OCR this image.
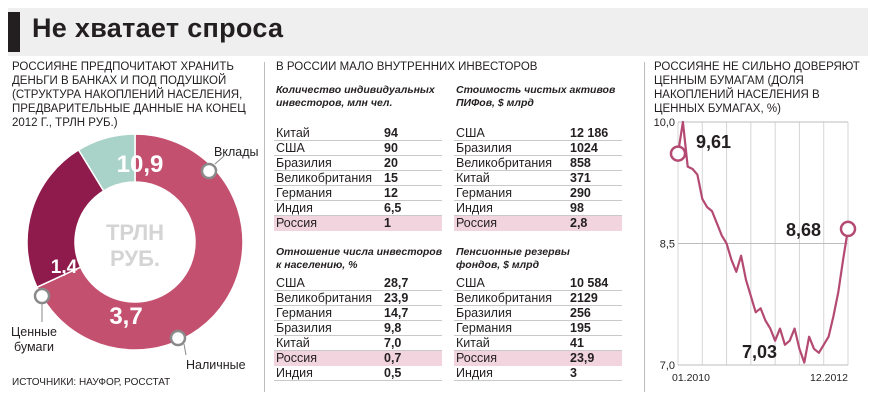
Не хватает спроса
РОССИЯНЕ ПРЕДПОЧИТАЮТ ХРАНИТЬ ДЕНЬГИ В БАНКАХ И ПОД ПОДУШКОЙ (СТРУКТУРА НАКОПЛЕНИЙ НАСЕЛЕНИЯ, ПРЕДВАРИТЕЛЬНЫЕ ДАННЫЕ НА КОНЕЦ 2012 Г., ТРЛН РУБ.)
10,9
3,7
1,4
ТРЛН
РУБ.
Вклады
Наличные
Ценные
бумаги
ИСТОЧНИКИ: НАУФОР, РОССТАТ
В РОССИИ МАЛО ВНУТРЕННИХ ИНВЕСТОРОВ
Количество индивидуальных
инвесторов, млн чел.
Стоимость чистых активов
ПИФов, $ млрд
Отношение числа инвесторов
к населению, %
Пенсионные резервы
фондов, $ млрд
Китай	94
США	90
Бразилия	20
Великобритания 15
Германия	12
Индия	6,5
Россия	1
США	12 186
Бразилия	1024
Великобритания 858
Китай	371
Германия	290
Индия	98
Россия	2,8
США	28,7
Великобритания 23,9
Германия	14,7
Бразилия	9,8
Китай	7,0
Россия	0,7
Индия	0,5
США	10 584
Великобритания 2129
Бразилия	256
Германия	195
Китай	41
Россия	23,9
Индия	3
РОССИЯНЕ НЕ СИЛЬНО ДОВЕРЯЮТ ЦЕННЫМ БУМАГАМ (ДОЛЯ НАКОПЛЕНИЙ НАСЕЛЕНИЯ В ЦЕННЫХ БУМАГАХ, %)
10,0
8,5
7,0
01.2010	12.2012
9,61
7,03
8,68
